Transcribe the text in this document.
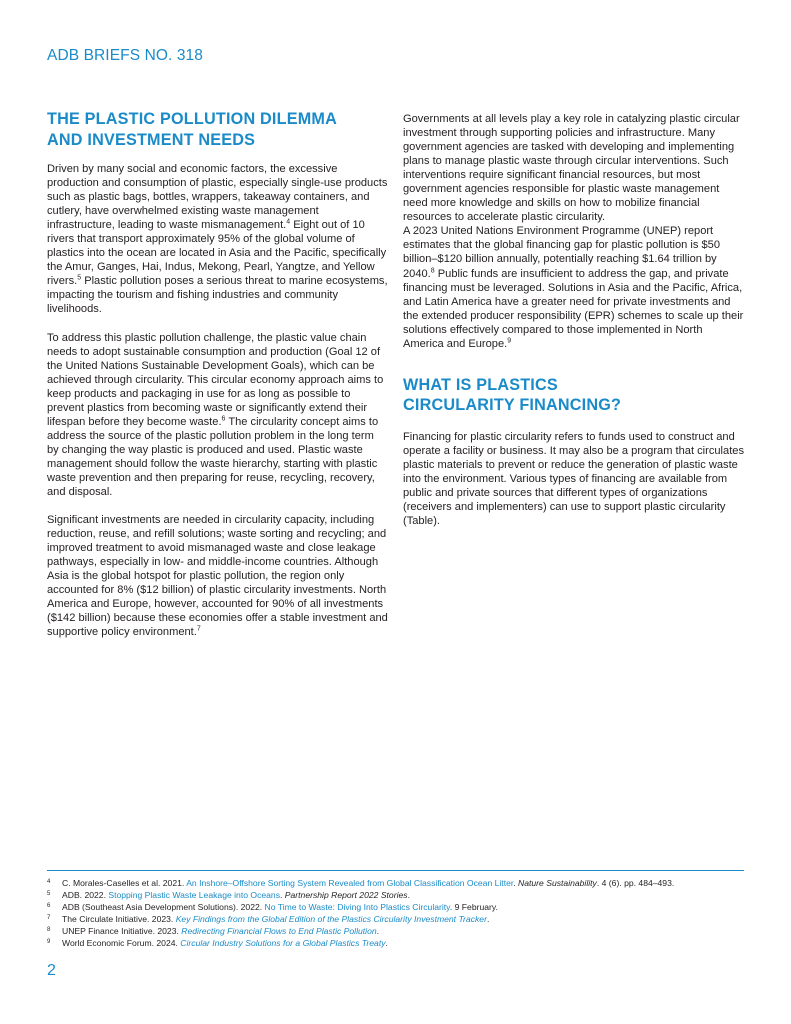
ADB BRIEFS NO. 318
THE PLASTIC POLLUTION DILEMMA
AND INVESTMENT NEEDS

Driven by many social and economic factors, the excessive production and consumption of plastic, especially single-use products such as plastic bags, bottles, wrappers, takeaway containers, and cutlery, have overwhelmed existing waste management infrastructure, leading to waste mismanagement.$^4$ Eight out of 10 rivers that transport approximately 95% of the global volume of plastics into the ocean are located in Asia and the Pacific, specifically the Amur, Ganges, Hai, Indus, Mekong, Pearl, Yangtze, and Yellow rivers.$^5$ Plastic pollution poses a serious threat to marine ecosystems, impacting the tourism and fishing industries and community livelihoods.

To address this plastic pollution challenge, the plastic value chain needs to adopt sustainable consumption and production (Goal 12 of the United Nations Sustainable Development Goals), which can be achieved through circularity. This circular economy approach aims to keep products and packaging in use for as long as possible to prevent plastics from becoming waste or significantly extend their lifespan before they become waste.$^6$ The circularity concept aims to address the source of the plastic pollution problem in the long term by changing the way plastic is produced and used. Plastic waste management should follow the waste hierarchy, starting with plastic waste prevention and then preparing for reuse, recycling, recovery, and disposal.

Significant investments are needed in circularity capacity, including reduction, reuse, and refill solutions; waste sorting and recycling; and improved treatment to avoid mismanaged waste and close leakage pathways, especially in low- and middle-income countries. Although Asia is the global hotspot for plastic pollution, the region only accounted for 8% ($12 billion) of plastic circularity investments. North America and Europe, however, accounted for 90% of all investments ($142 billion) because these economies offer a stable investment and supportive policy environment.$^7$

Governments at all levels play a key role in catalyzing plastic circular investment through supporting policies and infrastructure. Many government agencies are tasked with developing and implementing plans to manage plastic waste through circular interventions. Such interventions require significant financial resources, but most government agencies responsible for plastic waste management need more knowledge and skills on how to mobilize financial resources to accelerate plastic circularity.

A 2023 United Nations Environment Programme (UNEP) report estimates that the global financing gap for plastic pollution is $50 billion–$120 billion annually, potentially reaching $1.64 trillion by 2040.$^8$ Public funds are insufficient to address the gap, and private financing must be leveraged. Solutions in Asia and the Pacific, Africa, and Latin America have a greater need for private investments and the extended producer responsibility (EPR) schemes to scale up their solutions effectively compared to those implemented in North America and Europe.$^9$

WHAT IS PLASTICS
CIRCULARITY FINANCING?

Financing for plastic circularity refers to funds used to construct and operate a facility or business. It may also be a program that circulates plastic materials to prevent or reduce the generation of plastic waste into the environment. Various types of financing are available from public and private sources that different types of organizations (receivers and implementers) can use to support plastic circularity (Table).

4 C. Morales-Caselles et al. 2021. An Inshore–Offshore Sorting System Revealed from Global Classification Ocean Litter. Nature Sustainability. 4 (6). pp. 484–493.
5 ADB. 2022. Stopping Plastic Waste Leakage into Oceans. Partnership Report 2022 Stories.
6 ADB (Southeast Asia Development Solutions). 2022. No Time to Waste: Diving Into Plastics Circularity. 9 February.
7 The Circulate Initiative. 2023. Key Findings from the Global Edition of the Plastics Circularity Investment Tracker.
8 UNEP Finance Initiative. 2023. Redirecting Financial Flows to End Plastic Pollution.
9 World Economic Forum. 2024. Circular Industry Solutions for a Global Plastics Treaty.
2
